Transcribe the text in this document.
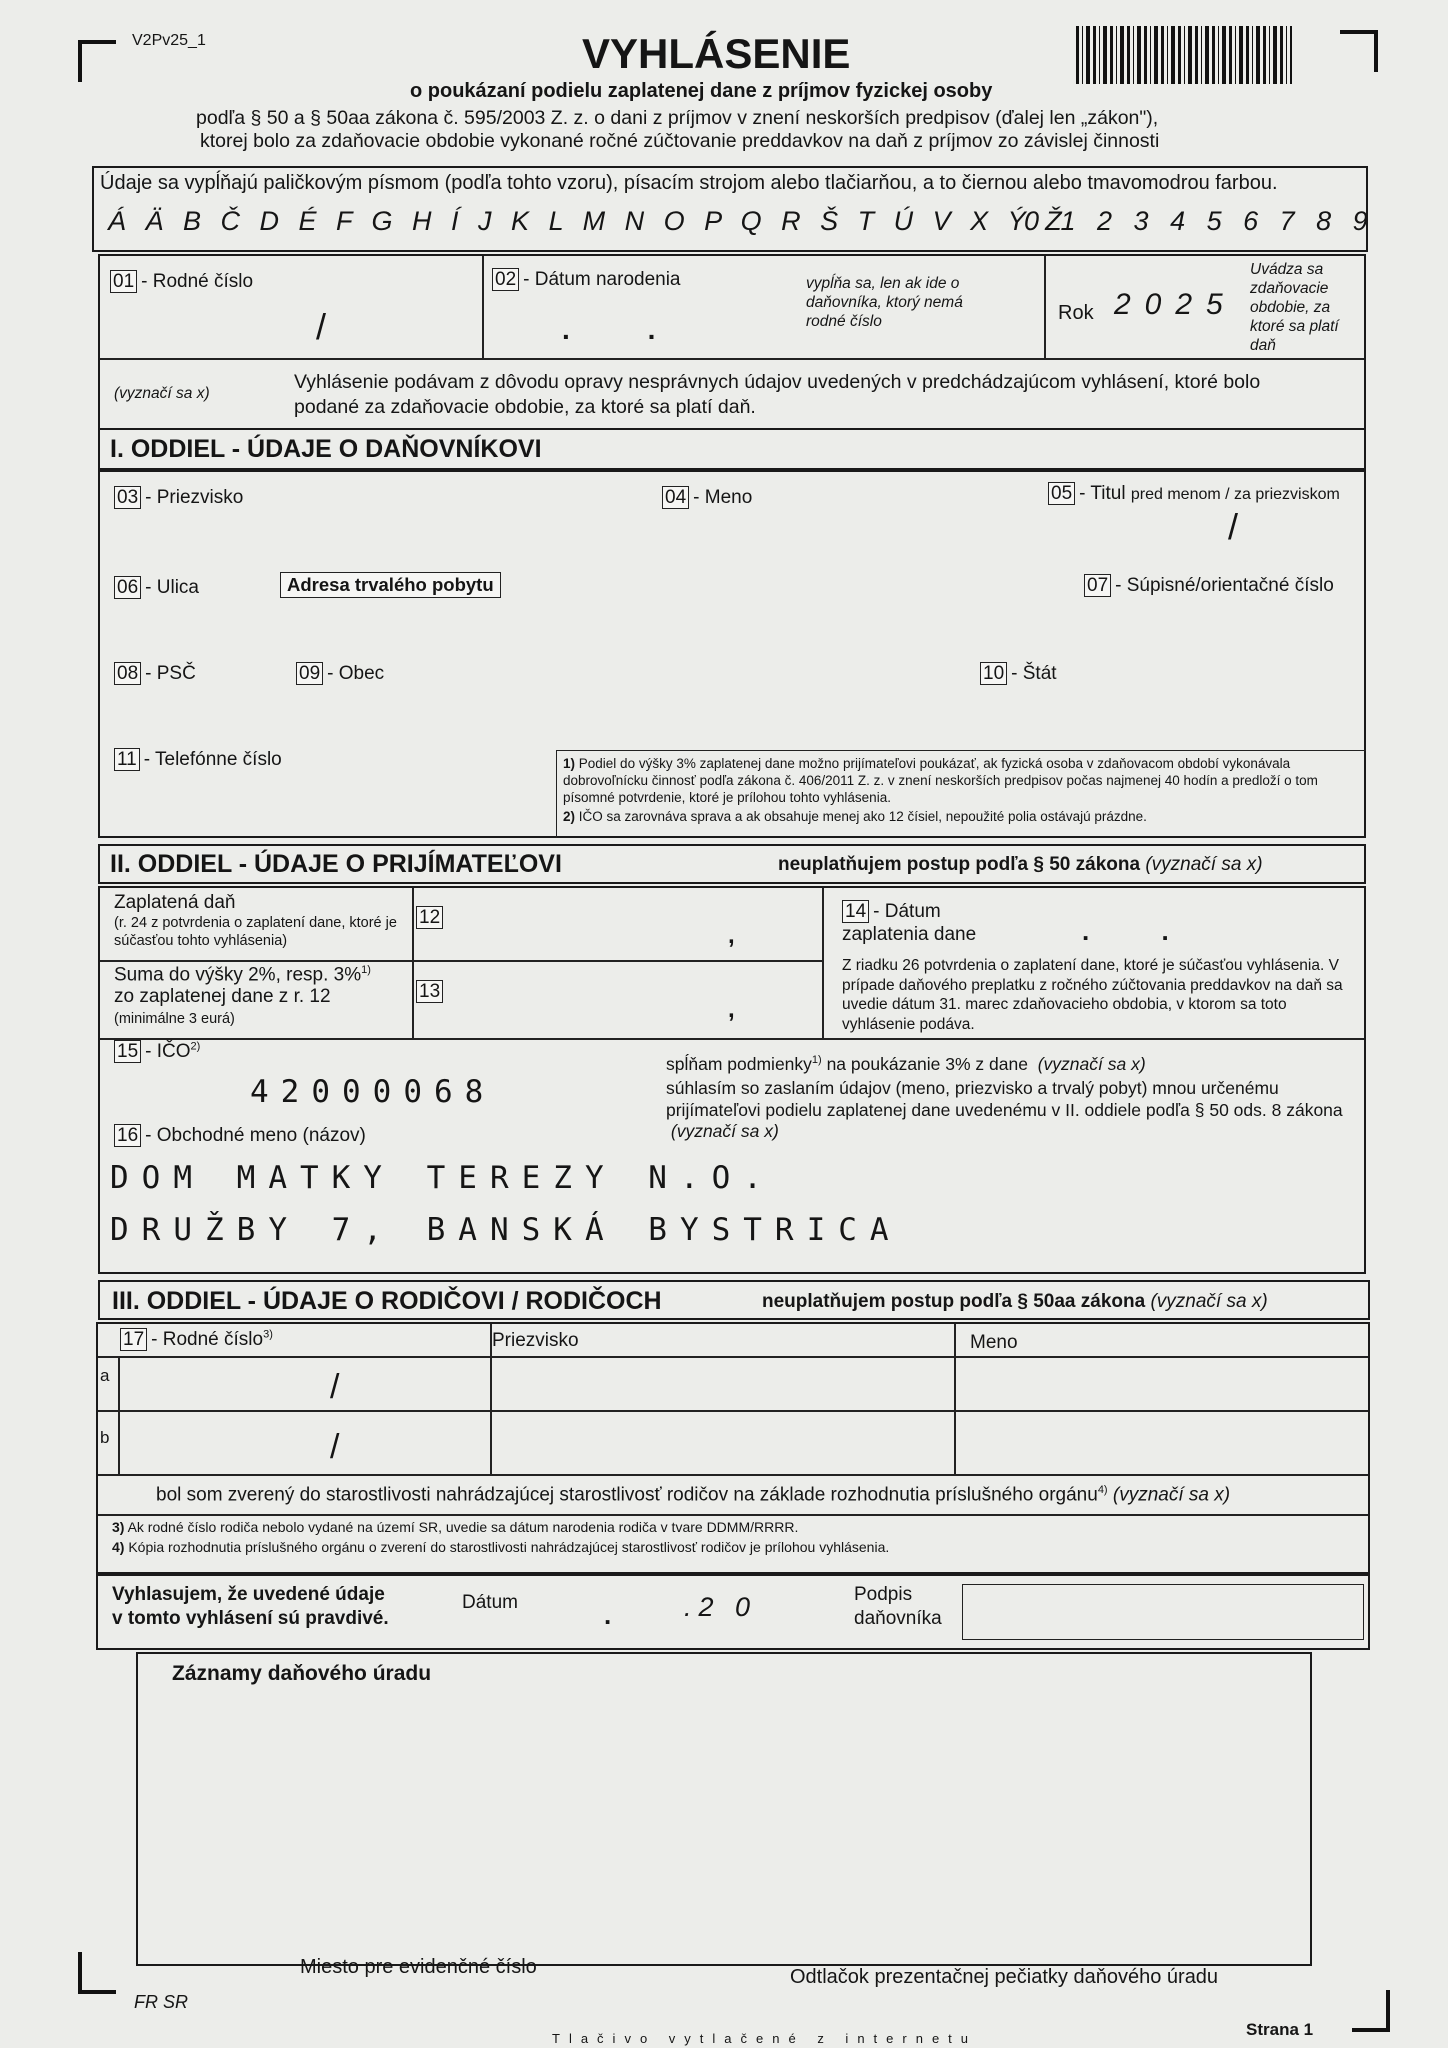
V2Pv25_1	VYHLÁSENIE
o poukázaní podielu zaplatenej dane z príjmov fyzickej osoby
podľa § 50 a § 50aa zákona č. 595/2003 Z. z. o dani z príjmov v znení neskorších predpisov (ďalej len „zákon"),
ktorej bolo za zdaňovacie obdobie vykonané ročné zúčtovanie preddavkov na daň z príjmov zo závislej činnosti
Údaje sa vypĺňajú paličkovým písmom (podľa tohto vzoru), písacím strojom alebo tlačiarňou, a to čiernou alebo tmavomodrou farbou.
Á Ä B Č D É F G H Í J K L M N O P Q R Š T Ú V X Ý Ž
0 1 2 3 4 5 6 7 8 9
01 - Rodné číslo
/
02 - Dátum narodenia	vypĺňa sa, len ak ide o daňovníka, ktorý nemá rodné číslo
.          .
Rok 2025
Uvádza sa zdaňovacie obdobie, za ktoré sa platí daň
(vyznačí sa x)
Vyhlásenie podávam z dôvodu opravy nesprávnych údajov uvedených v predchádzajúcom vyhlásení, ktoré bolo podané za zdaňovacie obdobie, za ktoré sa platí daň.
I. ODDIEL - ÚDAJE O DAŇOVNÍKOVI
03 - Priezvisko	04 - Meno	05 - Titul pred menom / za priezviskom
/
06 - Ulica	Adresa trvalého pobytu	07 - Súpisné/orientačné číslo
08 - PSČ	09 - Obec	10 - Štát
11 - Telefónne číslo	1) Podiel do výšky 3% zaplatenej dane možno prijímateľovi poukázať, ak fyzická osoba v zdaňovacom období vykonávala dobrovoľnícku činnosť podľa zákona č. 406/2011 Z. z. v znení neskorších predpisov počas najmenej 40 hodín a predloží o tom písomné potvrdenie, ktoré je prílohou tohto vyhlásenia.
2) IČO sa zarovnáva sprava a ak obsahuje menej ako 12 čísiel, nepoužité polia ostávajú prázdne.
II. ODDIEL - ÚDAJE O PRIJÍMATEĽOVI	neuplatňujem postup podľa § 50 zákona (vyznačí sa x)
Zaplatená daň
(r. 24 z potvrdenia o zaplatení dane, ktoré je súčasťou tohto vyhlásenia)
12
,
Suma do výšky 2%, resp. 3%$^{1)}$
zo zaplatenej dane z r. 12
(minimálne 3 eurá)
13
,
14 - Dátum
zaplatenia dane	.          .
Z riadku 26 potvrdenia o zaplatení dane, ktoré je súčasťou vyhlásenia. V prípade daňového preplatku z ročného zúčtovania preddavkov na daň sa uvedie dátum 31. marec zdaňovacieho obdobia, v ktorom sa toto vyhlásenie podáva.
15 - IČO$^{2)}$
42000068
spĺňam podmienky$^{1)}$ na poukázanie 3% z dane (vyznačí sa x)
súhlasím so zaslaním údajov (meno, priezvisko a trvalý pobyt) mnou určenému prijímateľovi podielu zaplatenej dane uvedenému v II. oddiele podľa § 50 ods. 8 zákona  (vyznačí sa x)
16 - Obchodné meno (názov)
DOM MATKY TEREZY N.O.
DRUŽBY 7, BANSKÁ BYSTRICA
III. ODDIEL - ÚDAJE O RODIČOVI / RODIČOCH	neuplatňujem postup podľa § 50aa zákona (vyznačí sa x)
17 - Rodné číslo$^{3)}$	Priezvisko	Meno
a	/
b	/
bol som zverený do starostlivosti nahrádzajúcej starostlivosť rodičov na základe rozhodnutia príslušného orgánu$^{4)}$ (vyznačí sa x)
3) Ak rodné číslo rodiča nebolo vydané na území SR, uvedie sa dátum narodenia rodiča v tvare DDMM/RRRR.
4) Kópia rozhodnutia príslušného orgánu o zverení do starostlivosti nahrádzajúcej starostlivosť rodičov je prílohou vyhlásenia.
Vyhlasujem, že uvedené údaje
v tomto vyhlásení sú pravdivé.
Dátum	.	.2 0	Podpis
daňovníka
Záznamy daňového úradu
Miesto pre evidenčné číslo	Odtlačok prezentačnej pečiatky daňového úradu
FR SR
Tlačivo vytlačené z internetu	Strana 1
